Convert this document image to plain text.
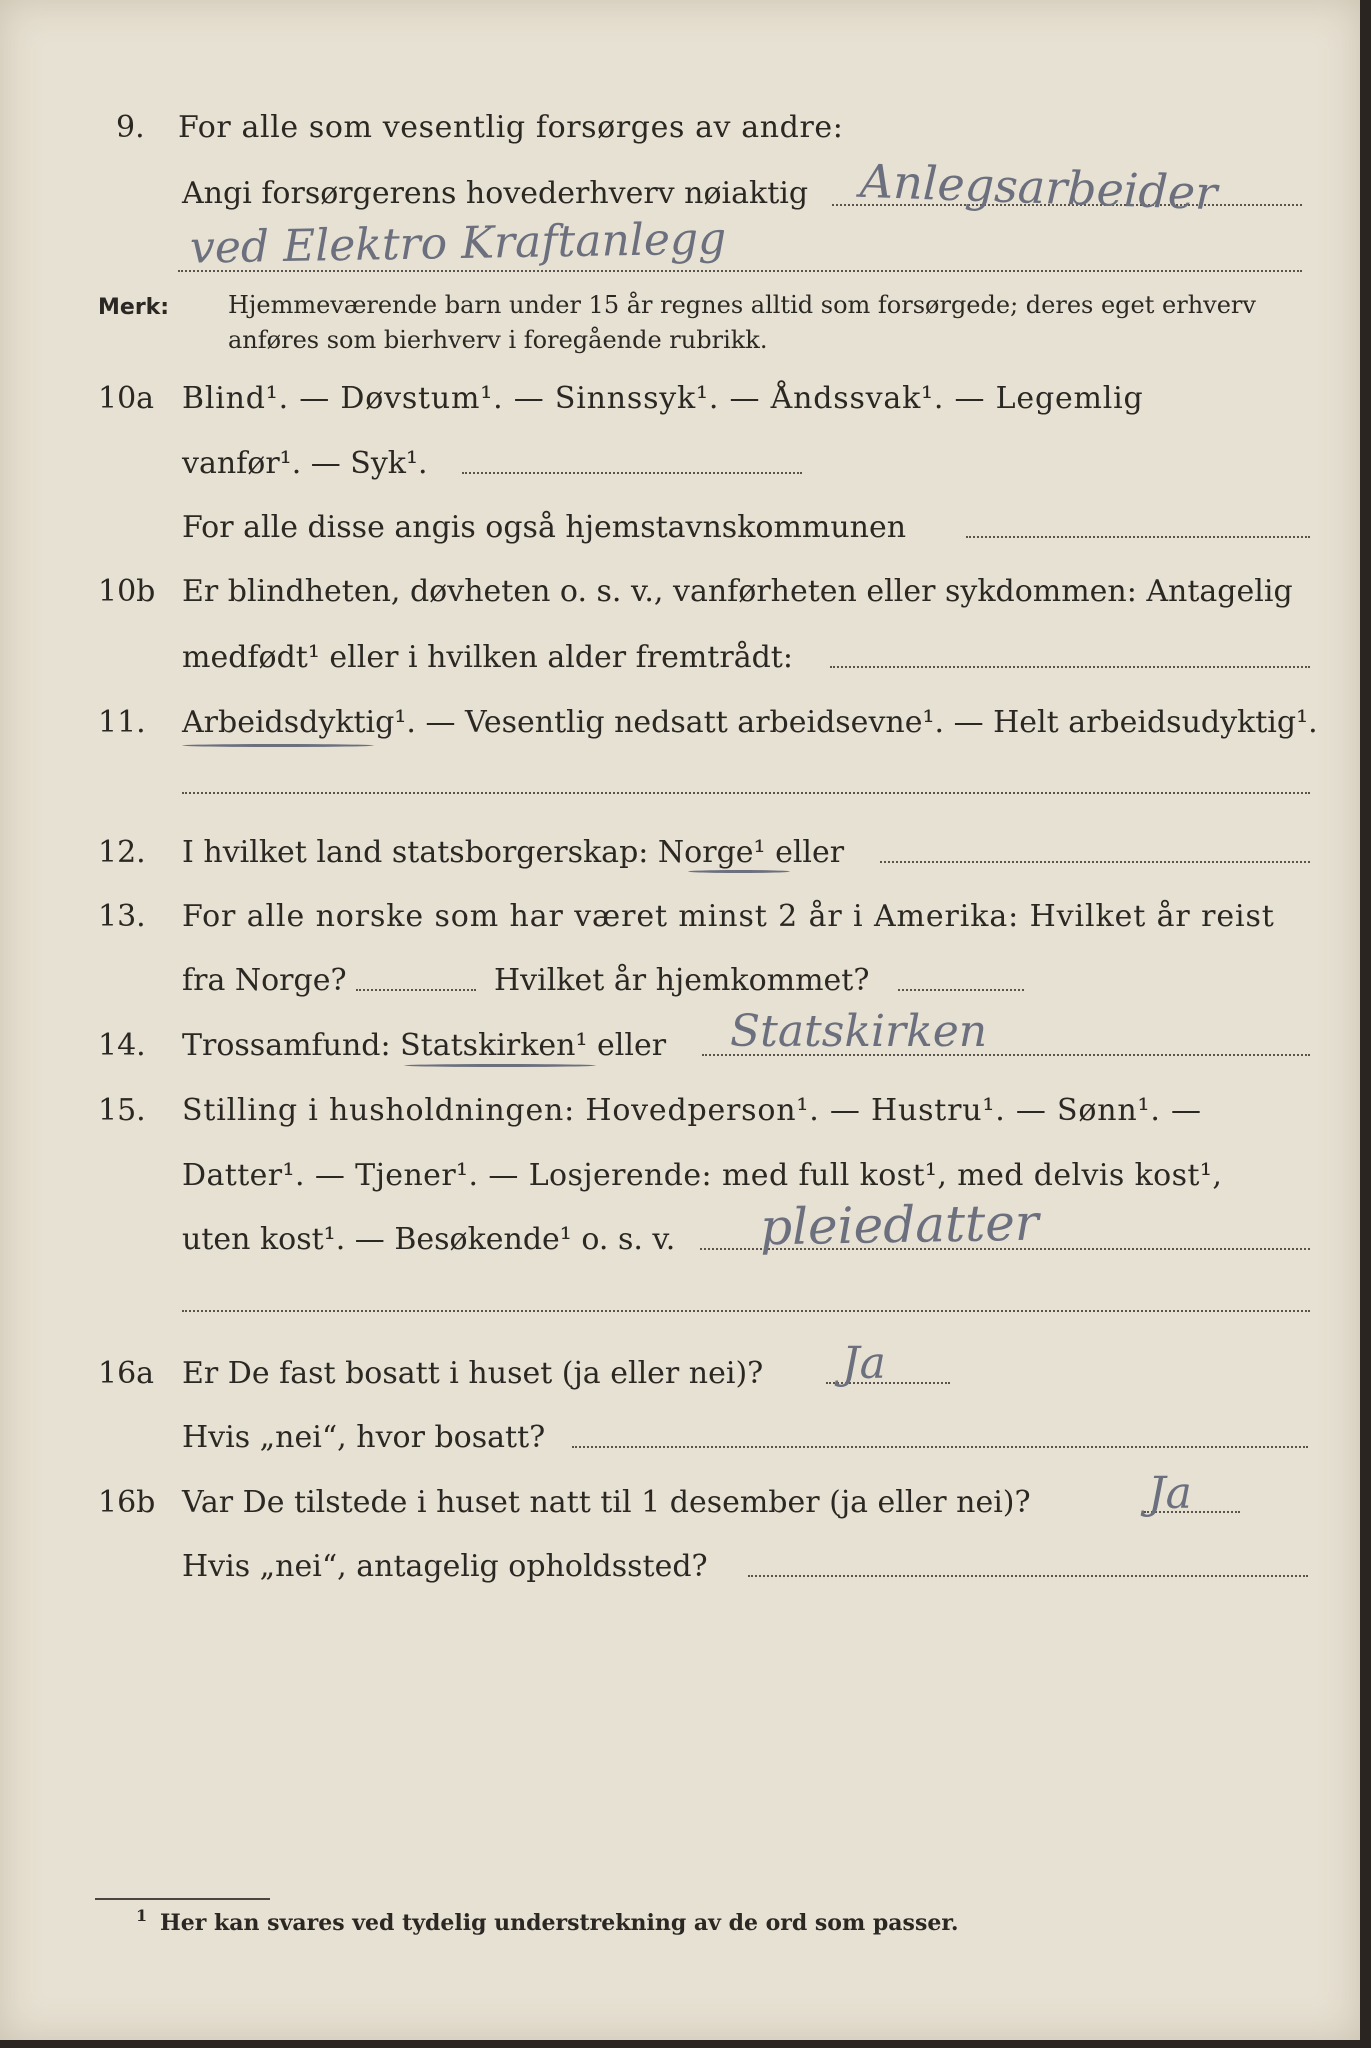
9. For alle som vesentlig forsørges av andre:
Angi forsørgerens hovederhverv nøiaktig Anlegsarbeider
ved Elektro Kraftanlegg
Merk: Hjemmeværende barn under 15 år regnes alltid som forsørgede; deres eget erhverv
anføres som bierhverv i foregående rubrikk.
10a Blind¹. — Døvstum¹. — Sinnssyk¹. — Åndssvak¹. — Legemlig
vanfør¹. — Syk¹.
For alle disse angis også hjemstavnskommunen
10b Er blindheten, døvheten o. s. v., vanførheten eller sykdommen: Antagelig
medfødt¹ eller i hvilken alder fremtrådt:
11. Arbeidsdyktig¹. — Vesentlig nedsatt arbeidsevne¹. — Helt arbeidsudyktig¹.
12. I hvilket land statsborgerskap: Norge¹ eller
13. For alle norske som har været minst 2 år i Amerika: Hvilket år reist
fra Norge?	Hvilket år hjemkommet?
14. Trossamfund: Statskirken¹ eller Statskirken
15. Stilling i husholdningen: Hovedperson¹. — Hustru¹. — Sønn¹. —
Datter¹. — Tjener¹. — Losjerende: med full kost¹, med delvis kost¹,
uten kost¹. — Besøkende¹ o. s. v. pleiedatter
16a Er De fast bosatt i huset (ja eller nei)? Ja
Hvis „nei“, hvor bosatt?
16b Var De tilstede i huset natt til 1 desember (ja eller nei)?	Ja
Hvis „nei“, antagelig opholdssted?
1 Her kan svares ved tydelig understrekning av de ord som passer.
